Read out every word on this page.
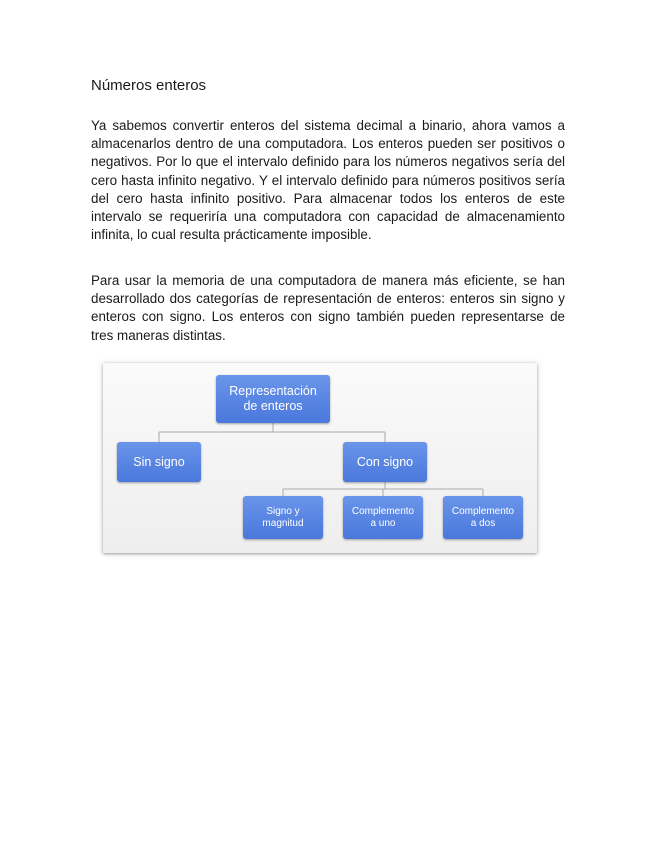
Números enteros

Ya sabemos convertir enteros del sistema decimal a binario, ahora vamos a almacenarlos dentro de una computadora. Los enteros pueden ser positivos o negativos. Por lo que el intervalo definido para los números negativos sería del cero hasta infinito negativo. Y el intervalo definido para números positivos sería del cero hasta infinito positivo. Para almacenar todos los enteros de este intervalo se requeriría una computadora con capacidad de almacenamiento infinita, lo cual resulta prácticamente imposible.

Para usar la memoria de una computadora de manera más eficiente, se han desarrollado dos categorías de representación de enteros: enteros sin signo y enteros con signo. Los enteros con signo también pueden representarse de tres maneras distintas.

Representación
de enteros
Sin signo	Con signo
Signo y
magnitud
Complemento
a uno
Complemento
a dos
